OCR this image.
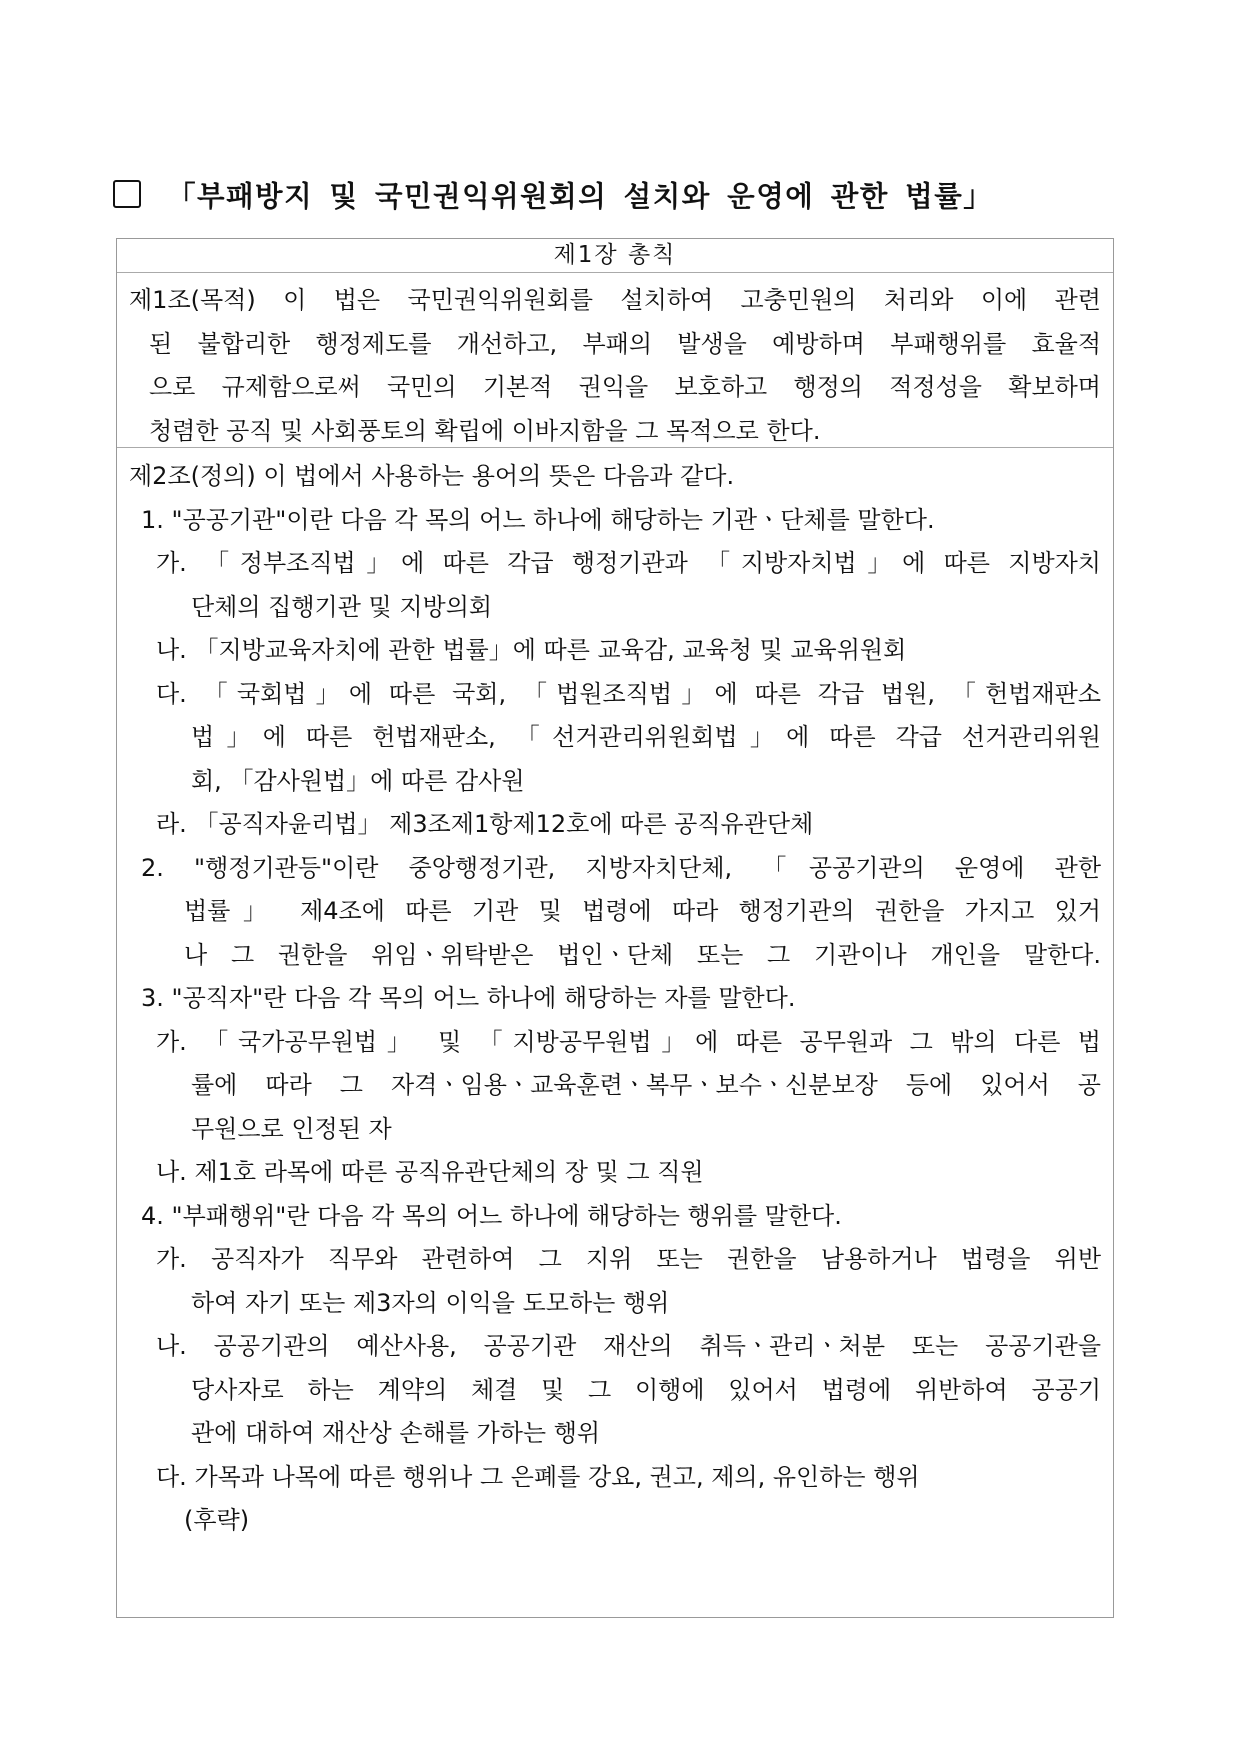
「부패방지 및 국민권익위원회의 설치와 운영에 관한 법률」
제1장 총칙
제1조(목적) 이 법은 국민권익위원회를 설치하여 고충민원의 처리와 이에 관련
된 불합리한 행정제도를 개선하고, 부패의 발생을 예방하며 부패행위를 효율적
으로 규제함으로써 국민의 기본적 권익을 보호하고 행정의 적정성을 확보하며
청렴한 공직 및 사회풍토의 확립에 이바지함을 그 목적으로 한다.
제2조(정의) 이 법에서 사용하는 용어의 뜻은 다음과 같다.
1. "공공기관"이란 다음 각 목의 어느 하나에 해당하는 기관ㆍ단체를 말한다.
가. 「정부조직법」에 따른 각급 행정기관과 「지방자치법」에 따른 지방자치
단체의 집행기관 및 지방의회
나. 「지방교육자치에 관한 법률」에 따른 교육감, 교육청 및 교육위원회
다. 「국회법」에 따른 국회, 「법원조직법」에 따른 각급 법원, 「헌법재판소
법」에 따른 헌법재판소, 「선거관리위원회법」에 따른 각급 선거관리위원
회, 「감사원법」에 따른 감사원
라. 「공직자윤리법」 제3조제1항제12호에 따른 공직유관단체
2. "행정기관등"이란 중앙행정기관, 지방자치단체, 「공공기관의 운영에 관한
법률」 제4조에 따른 기관 및 법령에 따라 행정기관의 권한을 가지고 있거
나 그 권한을 위임ㆍ위탁받은 법인ㆍ단체 또는 그 기관이나 개인을 말한다.
3. "공직자"란 다음 각 목의 어느 하나에 해당하는 자를 말한다.
가. 「국가공무원법」 및 「지방공무원법」에 따른 공무원과 그 밖의 다른 법
률에 따라 그 자격ㆍ임용ㆍ교육훈련ㆍ복무ㆍ보수ㆍ신분보장 등에 있어서 공
무원으로 인정된 자
나. 제1호 라목에 따른 공직유관단체의 장 및 그 직원
4. "부패행위"란 다음 각 목의 어느 하나에 해당하는 행위를 말한다.
가. 공직자가 직무와 관련하여 그 지위 또는 권한을 남용하거나 법령을 위반
하여 자기 또는 제3자의 이익을 도모하는 행위
나. 공공기관의 예산사용, 공공기관 재산의 취득ㆍ관리ㆍ처분 또는 공공기관을
당사자로 하는 계약의 체결 및 그 이행에 있어서 법령에 위반하여 공공기
관에 대하여 재산상 손해를 가하는 행위
다. 가목과 나목에 따른 행위나 그 은폐를 강요, 권고, 제의, 유인하는 행위
(후략)
